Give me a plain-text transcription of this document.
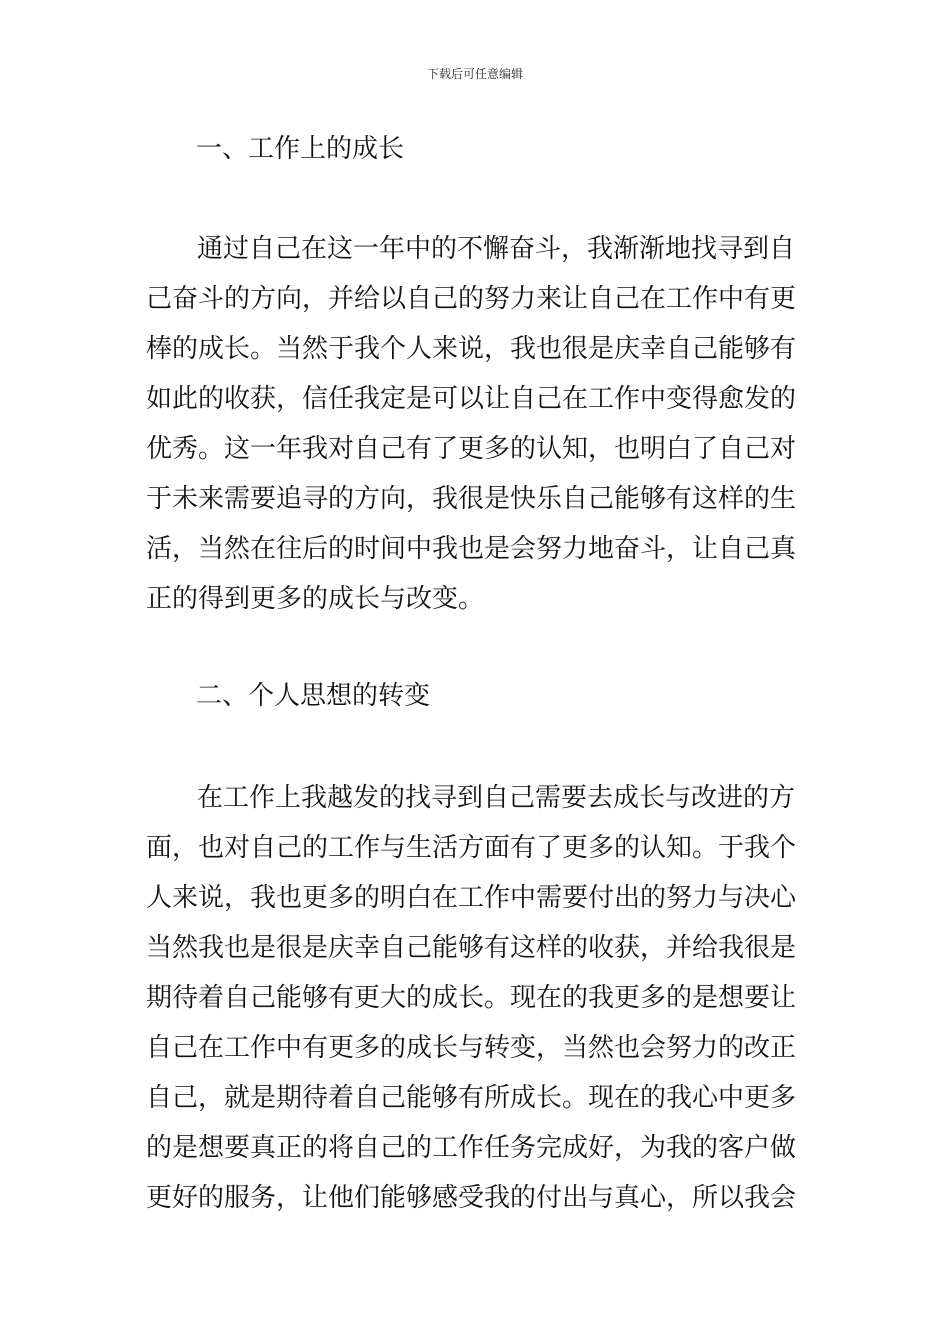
下载后可任意编辑
一、工作上的成长
通过自己在这一年中的不懈奋斗，我渐渐地找寻到自
己奋斗的方向，并给以自己的努力来让自己在工作中有更
棒的成长。当然于我个人来说，我也很是庆幸自己能够有
如此的收获，信任我定是可以让自己在工作中变得愈发的
优秀。这一年我对自己有了更多的认知，也明白了自己对
于未来需要追寻的方向，我很是快乐自己能够有这样的生
活，当然在往后的时间中我也是会努力地奋斗，让自己真
正的得到更多的成长与改变。
二、个人思想的转变
在工作上我越发的找寻到自己需要去成长与改进的方
面，也对自己的工作与生活方面有了更多的认知。于我个
人来说，我也更多的明白在工作中需要付出的努力与决心
当然我也是很是庆幸自己能够有这样的收获，并给我很是
期待着自己能够有更大的成长。现在的我更多的是想要让
自己在工作中有更多的成长与转变，当然也会努力的改正
自己，就是期待着自己能够有所成长。现在的我心中更多
的是想要真正的将自己的工作任务完成好，为我的客户做
更好的服务，让他们能够感受我的付出与真心，所以我会
